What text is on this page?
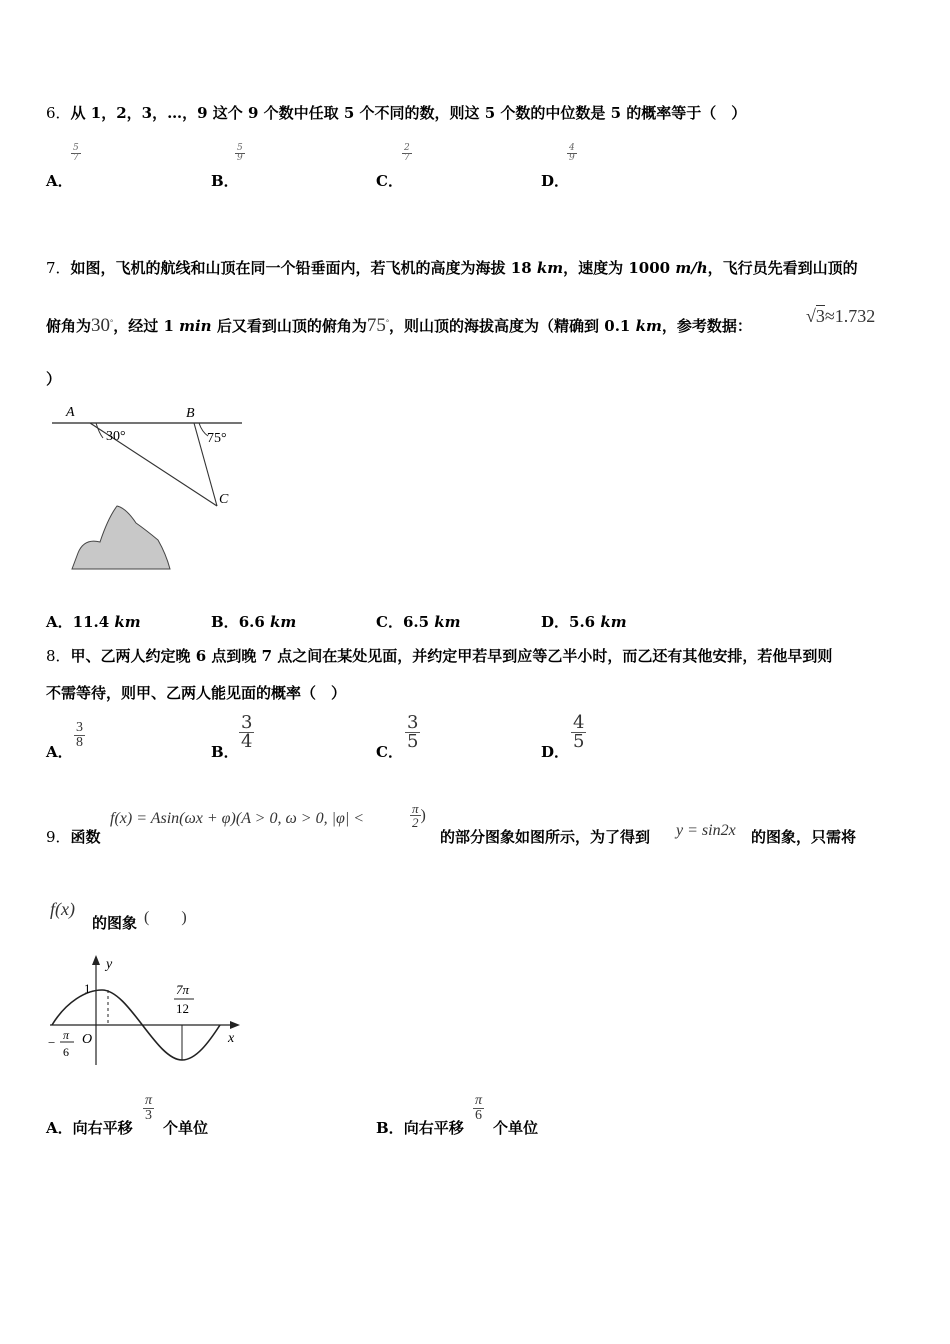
6．从 1，2，3，…，9 这个 9 个数中任取 5 个不同的数，则这 5 个数的中位数是 5 的概率等于（　）
A．
$\frac{5}{7}$
B．
$\frac{5}{9}$
C．
$\frac{2}{7}$
D．
$\frac{4}{9}$
7．如图，飞机的航线和山顶在同一个铅垂面内，若飞机的高度为海拔 18 km，速度为 1000 m/h，飞行员先看到山顶的
俯角为30°，经过 1 min 后又看到山顶的俯角为75°，则山顶的海拔高度为（精确到 0.1 km，参考数据：	√3≈1.732
）
A	B
C
30°	75°
A．11.4 km	B．6.6 km	C．6.5 km	D．5.6 km
8．甲、乙两人约定晚 6 点到晚 7 点之间在某处见面，并约定甲若早到应等乙半小时，而乙还有其他安排，若他早到则
不需等待，则甲、乙两人能见面的概率（　）
A．
$\frac{3}{8}$
B．
$\frac{3}{4}$
C．
$\frac{3}{5}$
D．
$\frac{4}{5}$
9．函数
f(x) = Asin(ωx + φ)(A > 0, ω > 0, |φ| <	$\frac{\pi}{2}$ )
的部分图象如图所示，为了得到 y = sin2x 的图象，只需将
f(x)
的图象 (　　)
y
x
O
1	7π
12
− π
6
A．向右平移
$\frac{\pi}{3}$
个单位	B．向右平移
$\frac{\pi}{6}$
个单位
